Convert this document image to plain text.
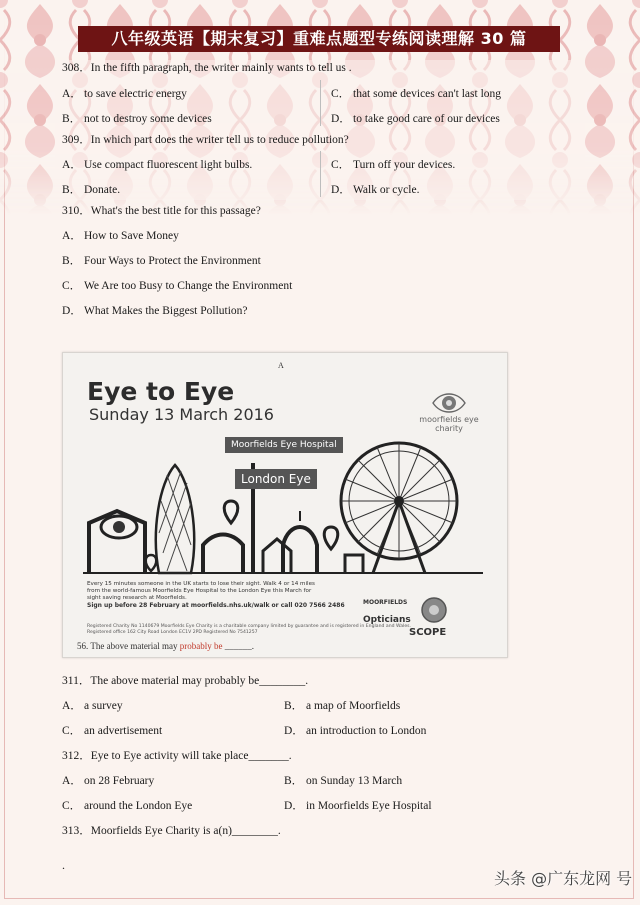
八年级英语【期末复习】重难点题型专练阅读理解 30 篇
308．In the fifth paragraph, the writer mainly wants to tell us .
A． to save electric energy	C． that some devices can't last long
B． not to destroy some devices	D． to take good care of our devices
309．In which part does the writer tell us to reduce pollution?
A． Use compact fluorescent light bulbs.	C． Turn off your devices.
B． Donate.	D． Walk or cycle.
310．What's the best title for this passage?
A． How to Save Money
B． Four Ways to Protect the Environment
C． We Are too Busy to Change the Environment
D． What Makes the Biggest Pollution?
A
Eye to Eye
Sunday 13 March 2016	moorfields eye charity
Moorfields Eye Hospital
London Eye
Every 15 minutes someone in the UK starts to lose their sight. Walk 4 or 14 miles
from the world-famous Moorfields Eye Hospital to the London Eye this March for
sight saving research at Moorfields.
Sign up before 28 February at moorfields.nhs.uk/walk or call 020 7566 2486
Registered Charity No 1140679 Moorfields Eye Charity is a charitable company limited by guarantee and is registered in England and Wales. Registered office 162 City Road London EC1V 2PD Registered No 7541257
MOORFIELDS
Opticians
SCOPE
56. The above material may probably be ______.
311．The above material may probably be________.
A． a survey	B． a map of Moorfields
C． an advertisement	D． an introduction to London
312．Eye to Eye activity will take place_______.
A． on 28 February	B． on Sunday 13 March
C． around the London Eye	D． in Moorfields Eye Hospital
313．Moorfields Eye Charity is a(n)________.
.
头条 @广东龙网 号
